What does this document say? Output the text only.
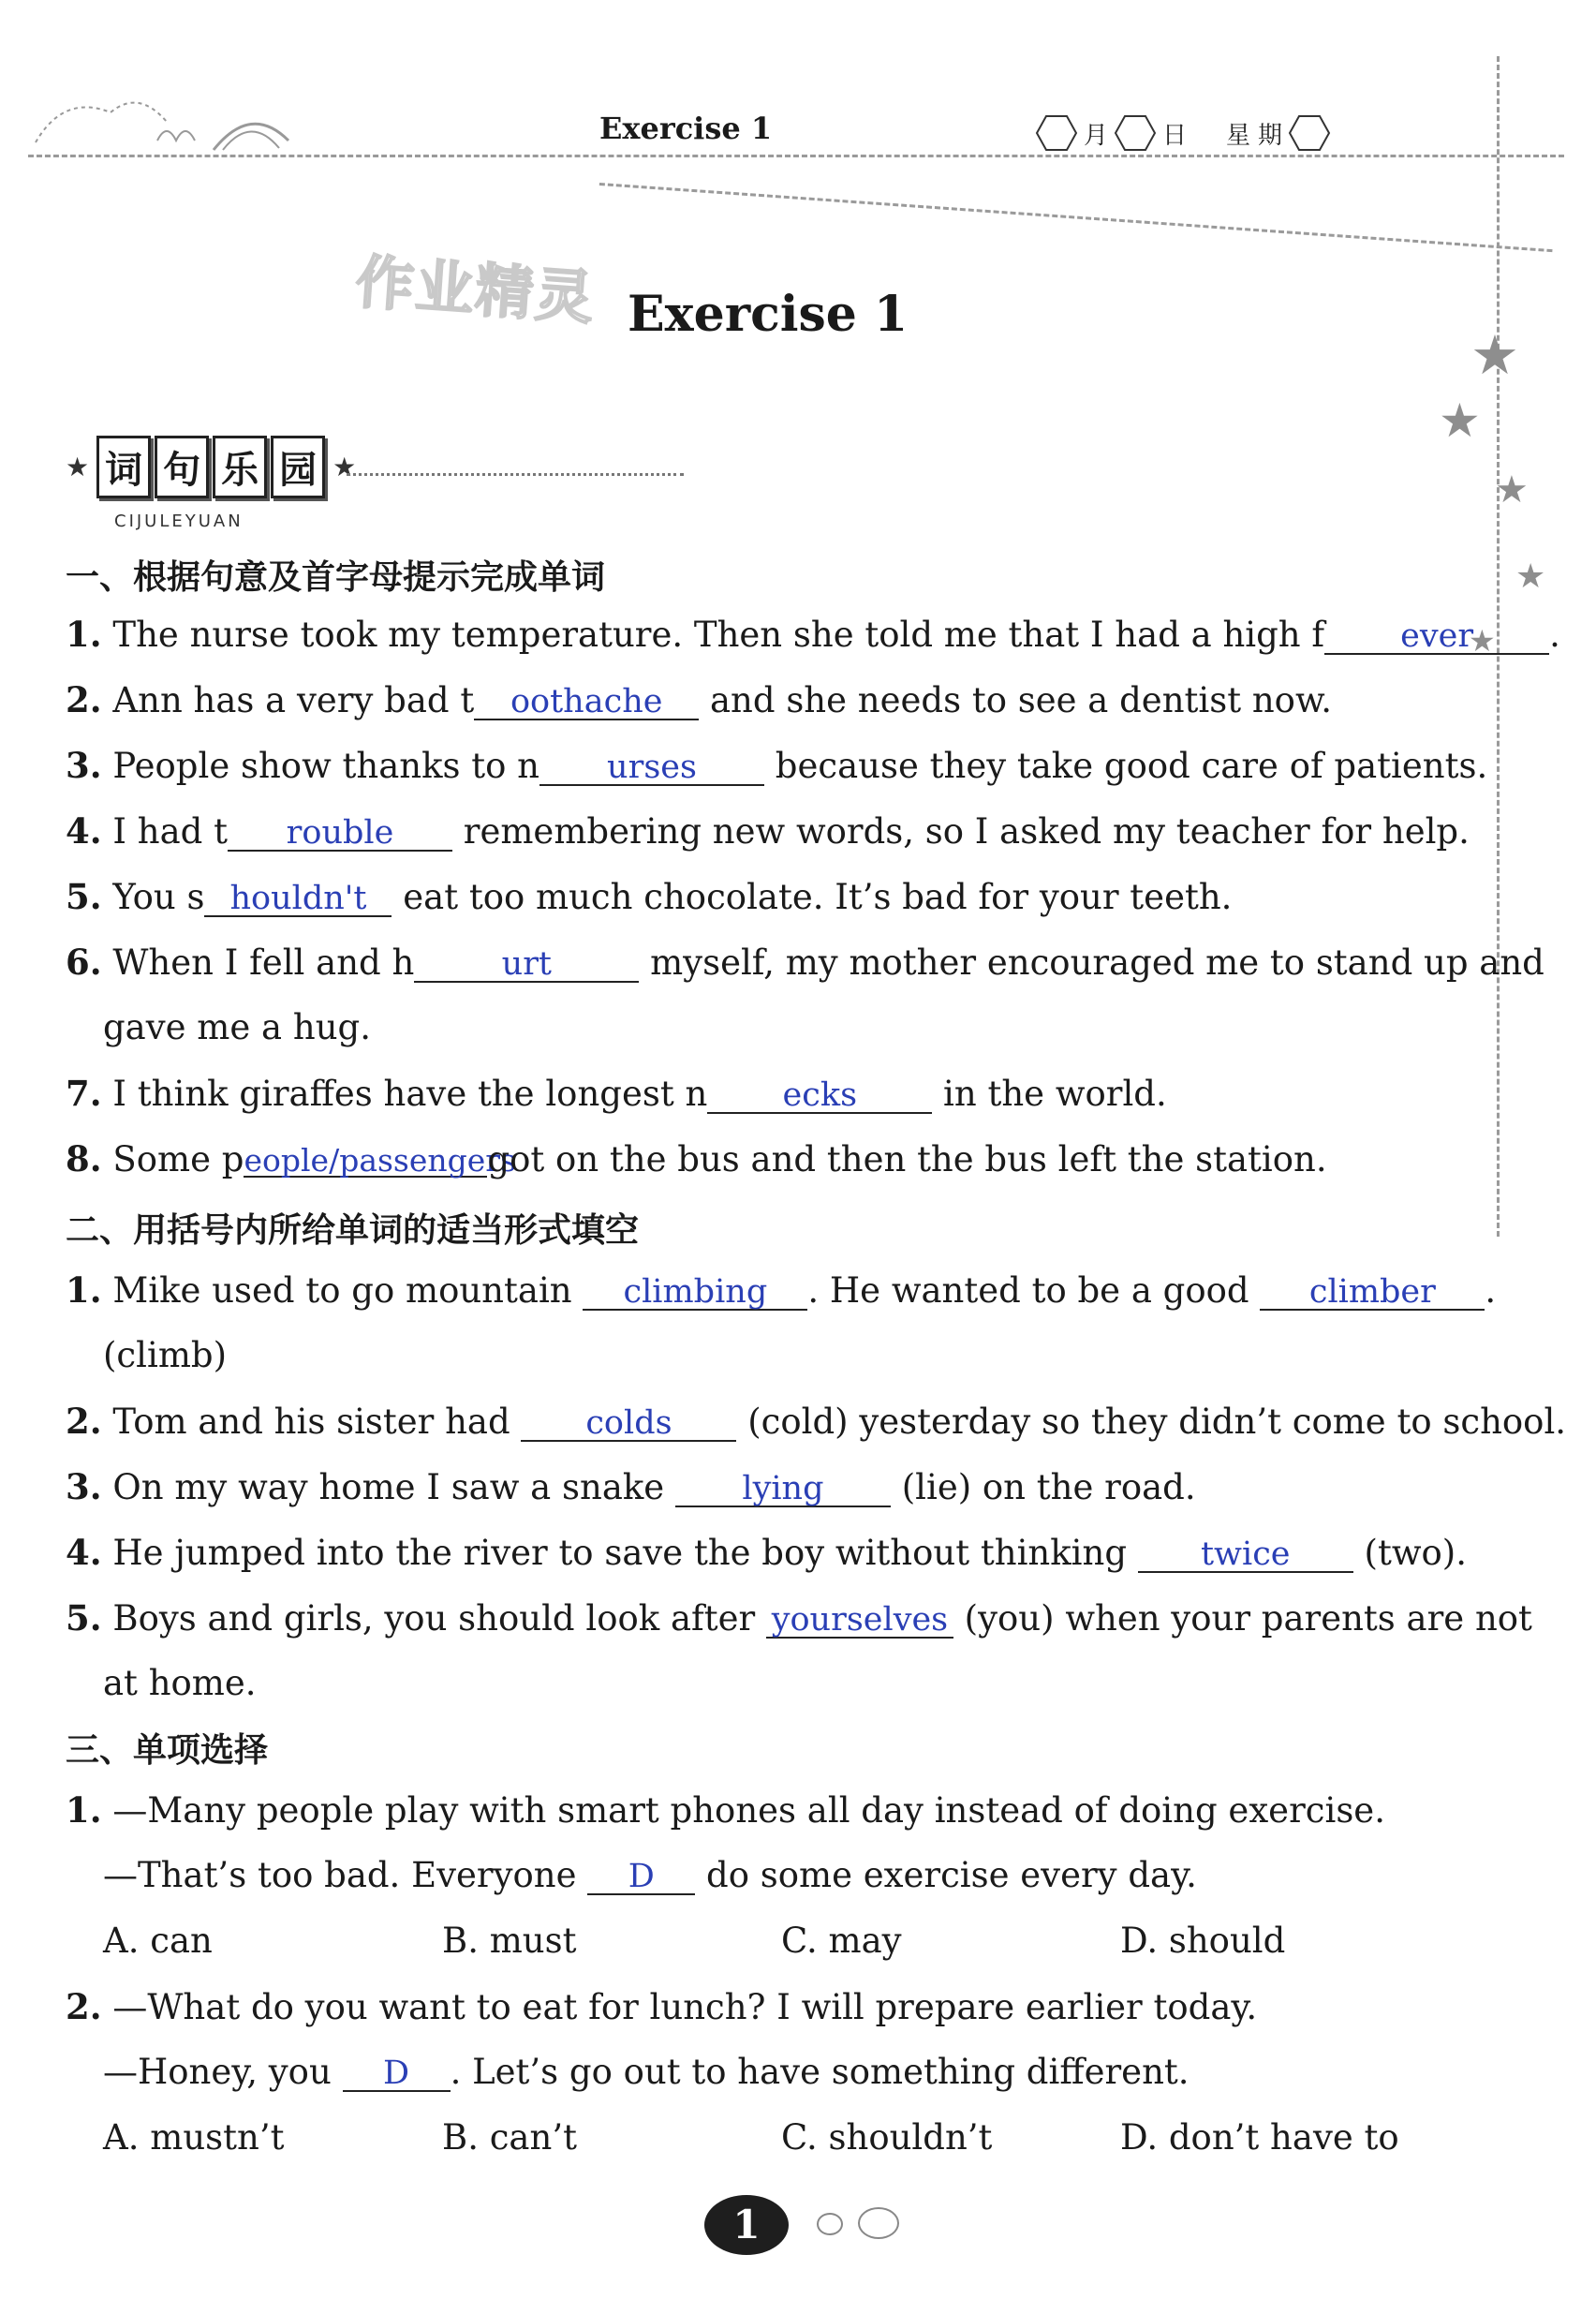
Exercise 1	月 日 星 期
作业精灵 Exercise 1
★
★
★
★
★
★ 词 句 乐 园 ★
CIJULEYUAN
一、根据句意及首字母提示完成单词
1. The nurse took my temperature. Then she told me that I had a high f ever .
2. Ann has a very bad t oothache and she needs to see a dentist now.
3. People show thanks to n urses because they take good care of patients.
4. I had t rouble remembering new words, so I asked my teacher for help.
5. You s houldn't eat too much chocolate. It’s bad for your teeth.
6. When I fell and h	urt	myself, my mother encouraged me to stand up and
gave me a hug.
7. I think giraffes have the longest n ecks in the world.
8. Some people/passengersgot on the bus and then the bus left the station.
二、用括号内所给单词的适当形式填空
1. Mike used to go mountain climbing . He wanted to be a good climber .
(climb)
2. Tom and his sister had colds (cold) yesterday so they didn’t come to school.
3. On my way home I saw a snake lying (lie) on the road.
4. He jumped into the river to save the boy without thinking twice (two).
5. Boys and girls, you should look after yourselves (you) when your parents are not
at home.
三、单项选择
1. —Many people play with smart phones all day instead of doing exercise.
—That’s too bad. Everyone D do some exercise every day.
A. can	B. must	C. may	D. should
2. —What do you want to eat for lunch? I will prepare earlier today.
—Honey, you D . Let’s go out to have something different.
A. mustn’t	B. can’t	C. shouldn’t	D. don’t have to
1
